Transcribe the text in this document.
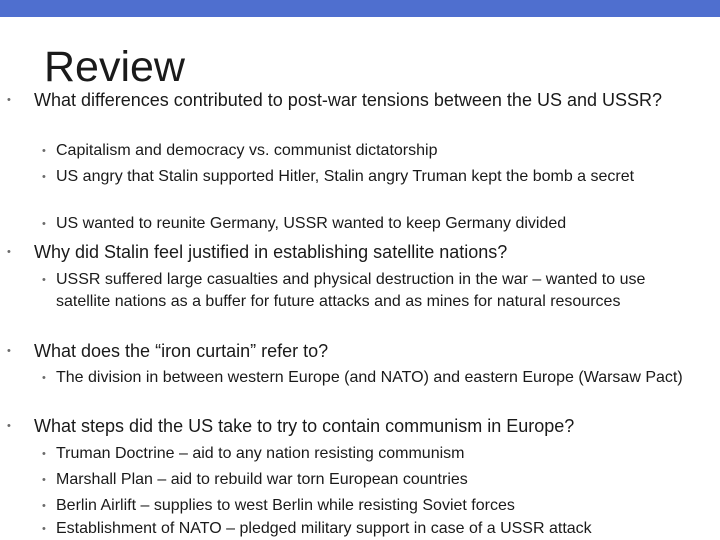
Review

• What differences contributed to post-war tensions between the US and USSR?

• Capitalism and democracy vs. communist dictatorship

• US angry that Stalin supported Hitler, Stalin angry Truman kept the bomb a secret

• US wanted to reunite Germany, USSR wanted to keep Germany divided

• Why did Stalin feel justified in establishing satellite nations?

• USSR suffered large casualties and physical destruction in the war – wanted to use satellite nations as a buffer for future attacks and as mines for natural resources

• What does the “iron curtain” refer to?

• The division in between western Europe (and NATO) and eastern Europe (Warsaw Pact)

• What steps did the US take to try to contain communism in Europe?

• Truman Doctrine – aid to any nation resisting communism

• Marshall Plan – aid to rebuild war torn European countries

• Berlin Airlift – supplies to west Berlin while resisting Soviet forces

• Establishment of NATO – pledged military support in case of a USSR attack
